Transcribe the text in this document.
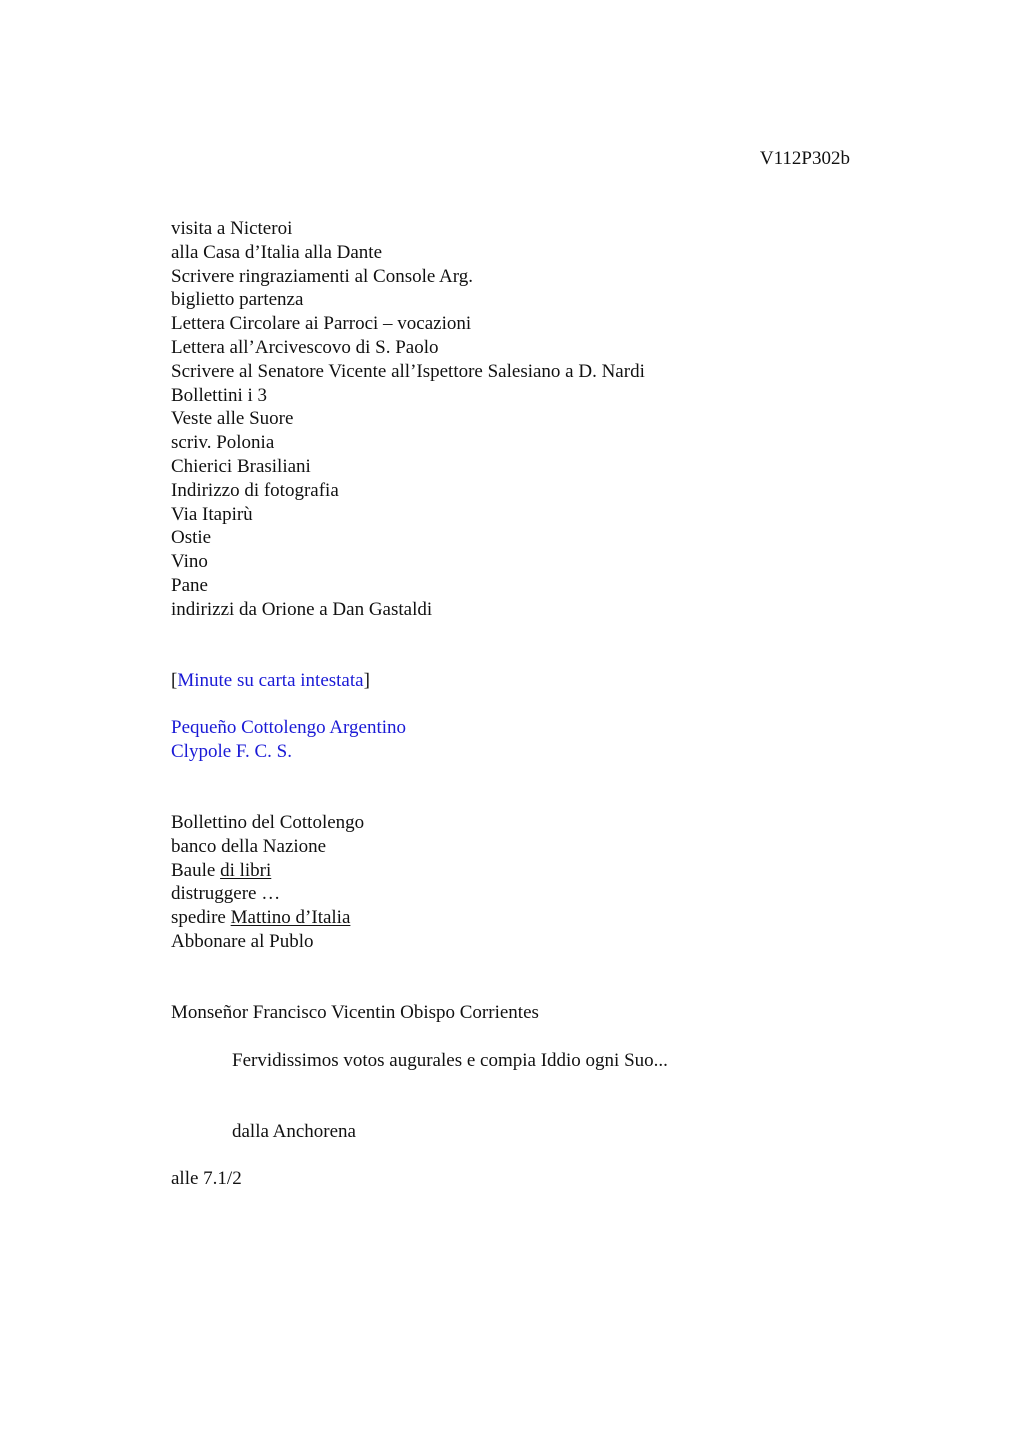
V112P302b
visita a Nicteroi
alla Casa d’Italia alla Dante
Scrivere ringraziamenti al Console Arg.
biglietto partenza
Lettera Circolare ai Parroci – vocazioni
Lettera all’Arcivescovo di S. Paolo
Scrivere al Senatore Vicente all’Ispettore Salesiano a D. Nardi
Bollettini i 3
Veste alle Suore
scriv. Polonia
Chierici Brasiliani
Indirizzo di fotografia
Via Itapirù
Ostie
Vino
Pane
indirizzi da Orione a Dan Gastaldi
[Minute su carta intestata]
Pequeño Cottolengo Argentino
Clypole F. C. S.
Bollettino del Cottolengo
banco della Nazione
Baule di libri
distruggere …
spedire Mattino d’Italia
Abbonare al Publo
Monseñor Francisco Vicentin Obispo Corrientes
Fervidissimos votos augurales e compia Iddio ogni Suo...
dalla Anchorena
alle 7.1/2
